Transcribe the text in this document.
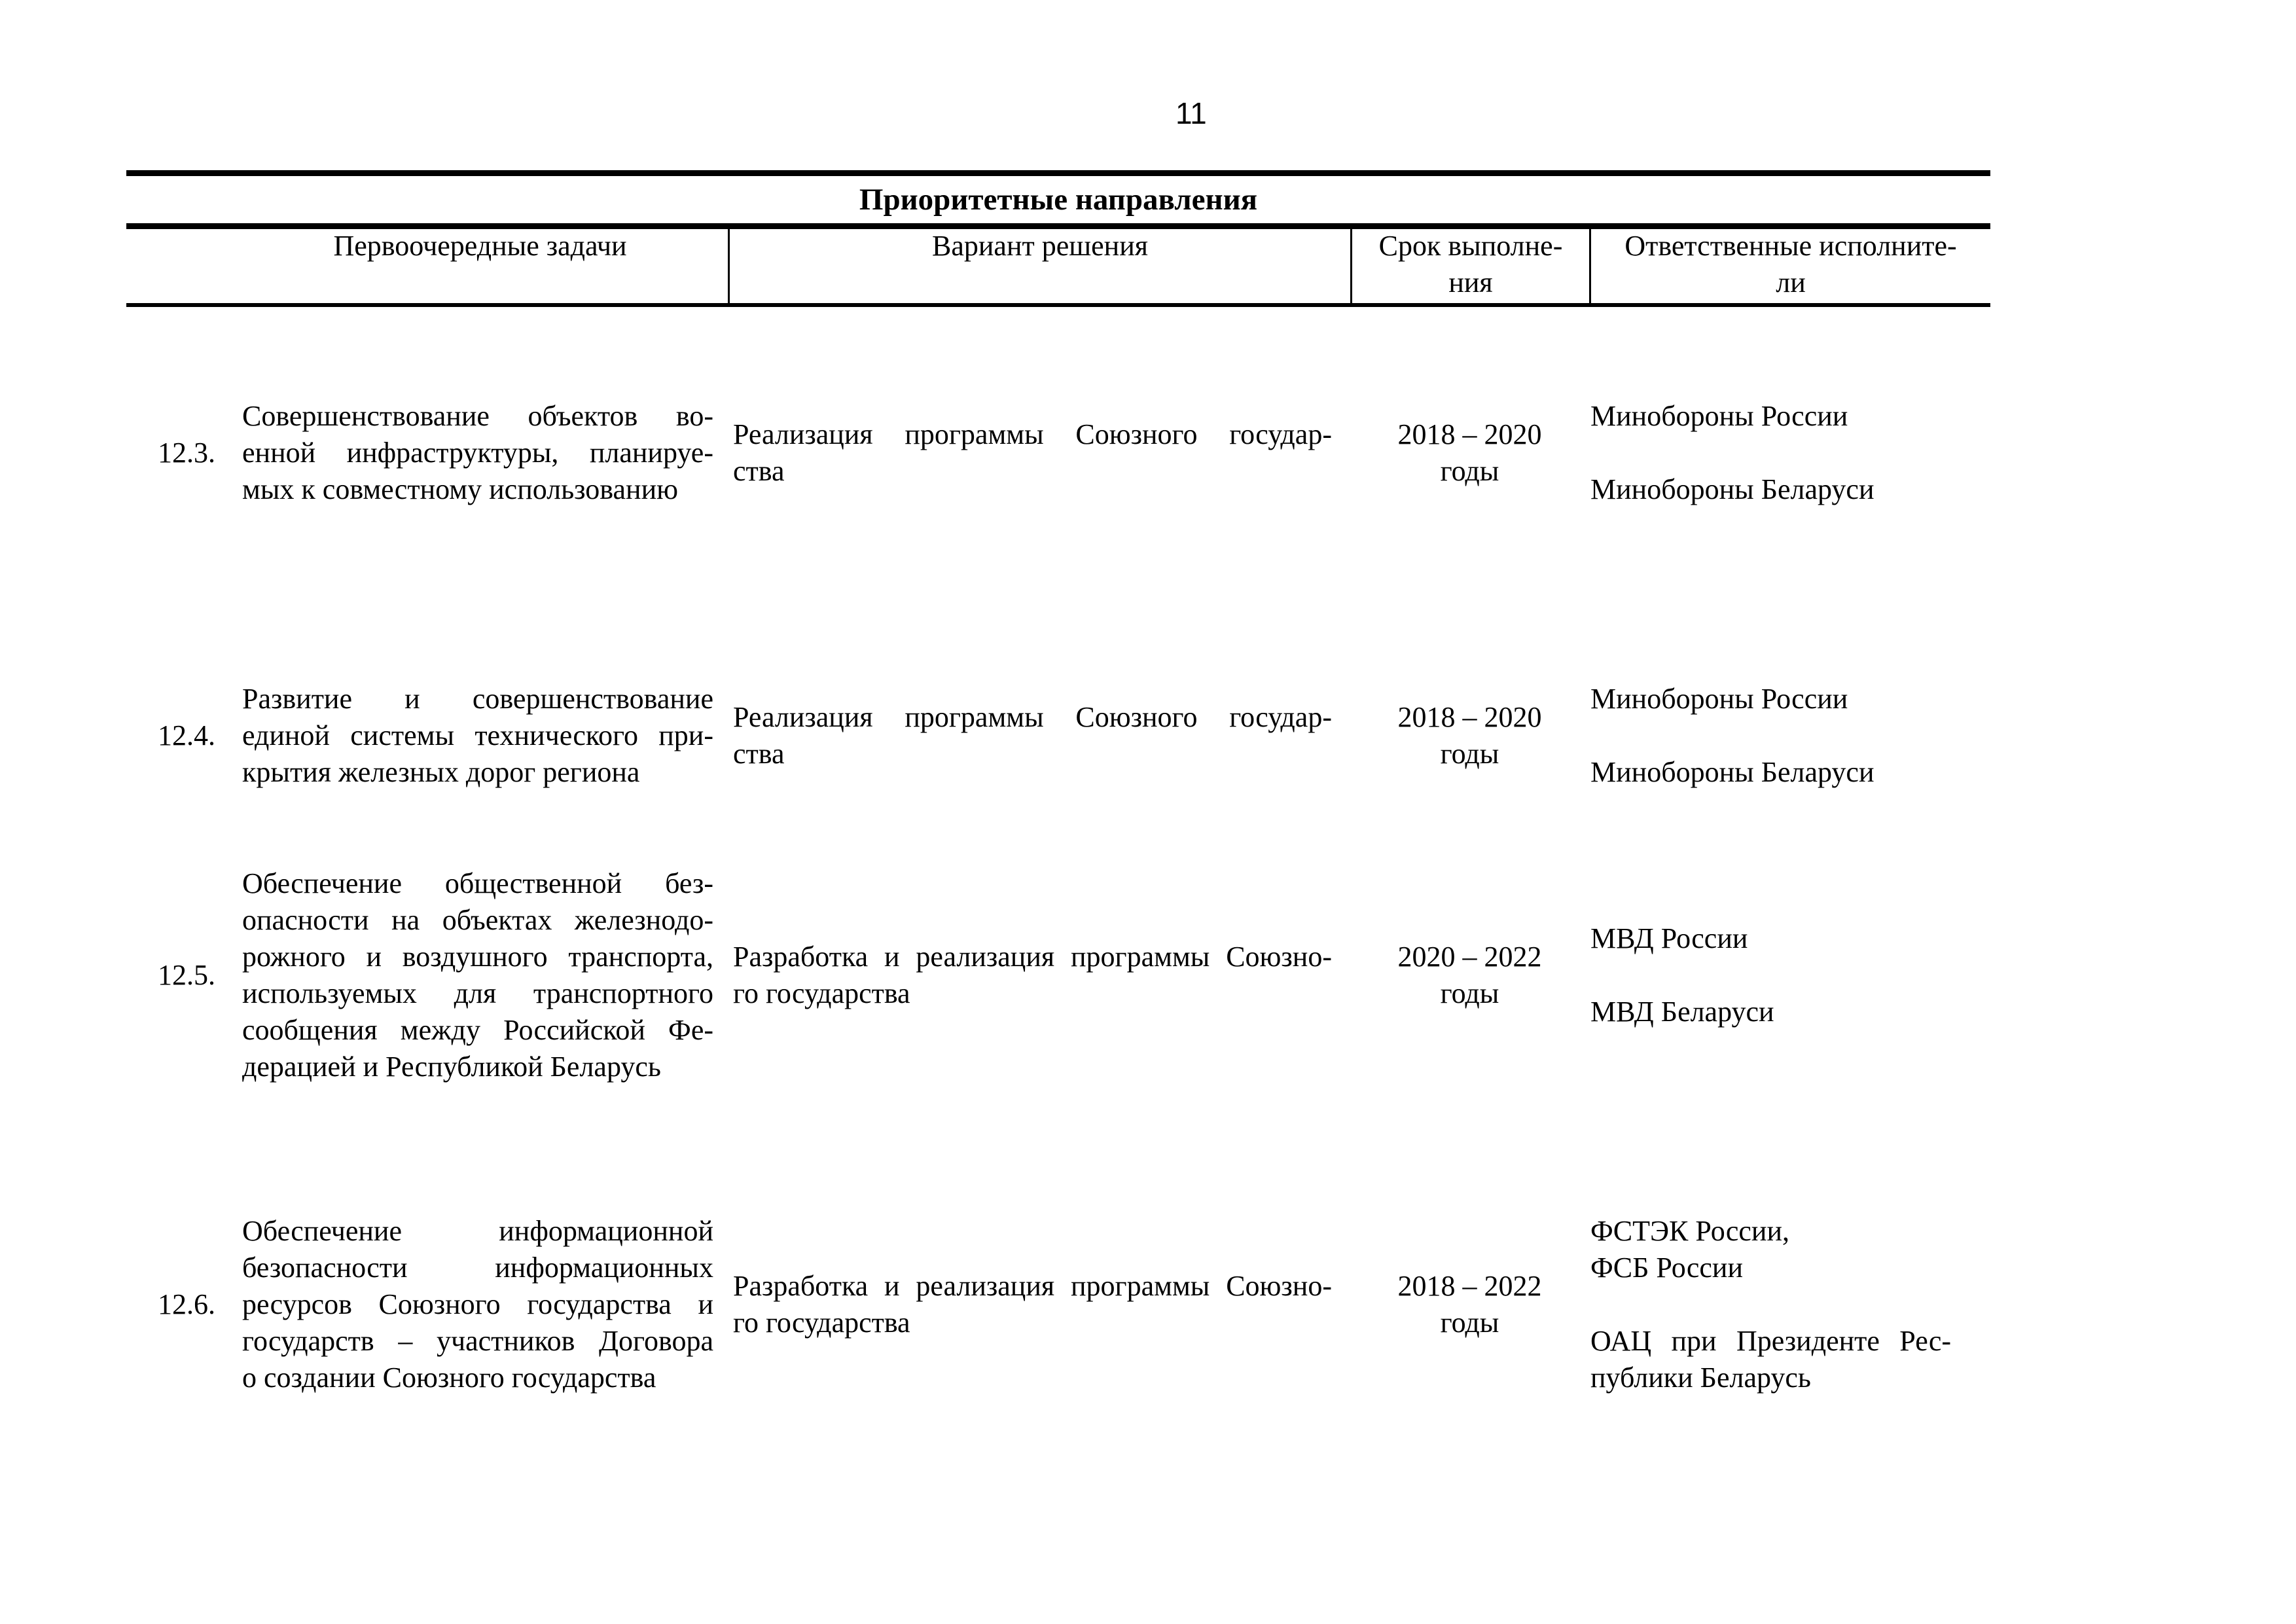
11
Приоритетные направления
Первоочередные задачи	Вариант решения	Срок выполне-
ния
Ответственные исполните-
ли
12.3.
Совершенствование объектов во-
енной инфраструктуры, планируе-
мых к совместному использованию
Реализация программы Союзного государ-
ства
2018 – 2020
годы
Минобороны России

Минобороны Беларуси
12.4.
Развитие и совершенствование
единой системы технического при-
крытия железных дорог региона
Реализация программы Союзного государ-
ства
2018 – 2020
годы
Минобороны России

Минобороны Беларуси
12.5.
Обеспечение общественной без-
опасности на объектах железнодо-
рожного и воздушного транспорта,
используемых для транспортного
сообщения между Российской Фе-
дерацией и Республикой Беларусь
Разработка и реализация программы Союзно-
го государства
2020 – 2022
годы
МВД России

МВД Беларуси
12.6.
Обеспечение информационной
безопасности информационных
ресурсов Союзного государства и
государств – участников Договора
о создании Союзного государства
Разработка и реализация программы Союзно-
го государства
2018 – 2022
годы
ФСТЭК России,
ФСБ России

ОАЦ при Президенте Рес-
публики Беларусь
